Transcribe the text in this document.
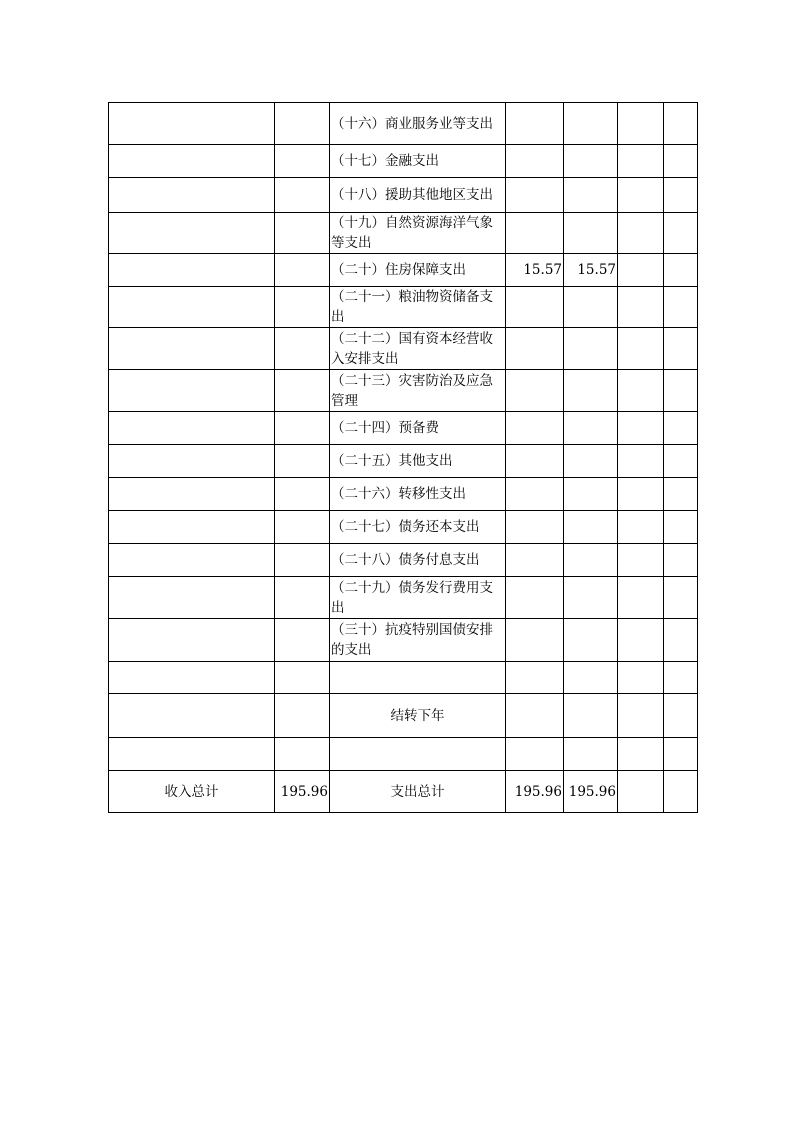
		（十六）商业服务业等支出				
		（十七）金融支出				
		（十八）援助其他地区支出				
		（十九）自然资源海洋气象等支出				
		（二十）住房保障支出	15.57	15.57		
		（二十一）粮油物资储备支出				
		（二十二）国有资本经营收入安排支出				
		（二十三）灾害防治及应急管理				
		（二十四）预备费				
		（二十五）其他支出				
		（二十六）转移性支出				
		（二十七）债务还本支出				
		（二十八）债务付息支出				
		（二十九）债务发行费用支出				
		（三十）抗疫特别国债安排的支出				

		结转下年				

收入总计	195.96	支出总计	195.96	195.96		
